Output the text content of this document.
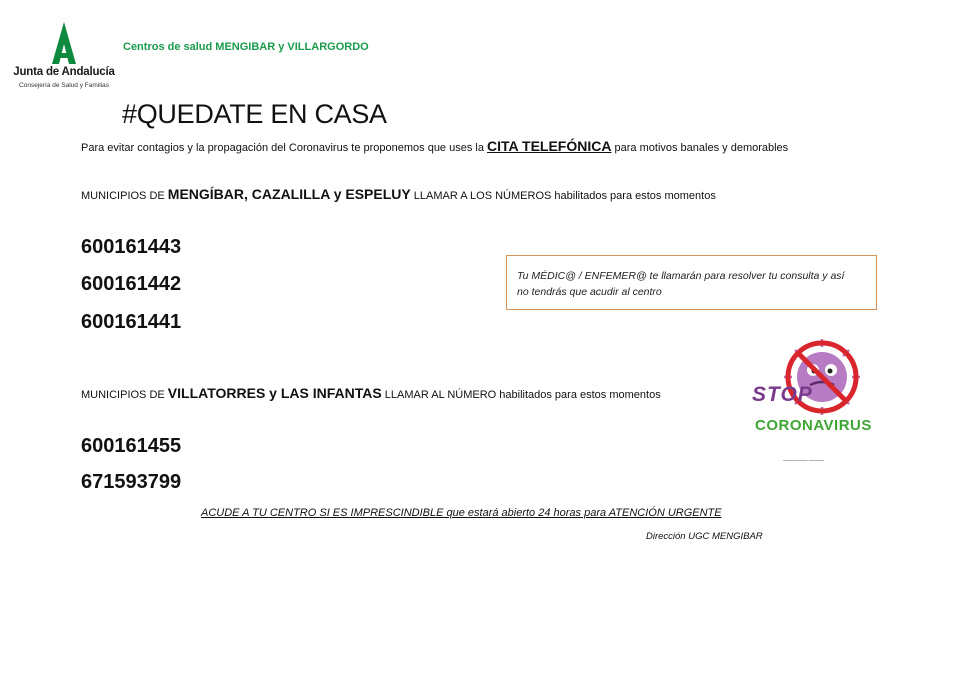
Junta de Andalucía
Consejería de Salud y Familias
Centros de salud MENGIBAR y VILLARGORDO
#QUEDATE EN CASA
Para evitar contagios y la propagación del Coronavirus te proponemos que uses la CITA TELEFÓNICA para motivos banales y demorables
MUNICIPIOS DE MENGÍBAR, CAZALILLA y ESPELUY LLAMAR A LOS NÚMEROS habilitados para estos momentos
600161443
600161442
600161441
Tu MÉDIC@ / ENFEMER@ te llamarán para resolver tu consulta y así
no tendrás que acudir al centro
MUNICIPIOS DE VILLATORRES y LAS INFANTAS LLAMAR AL NÚMERO habilitados para estos momentos
600161455
671593799
STOP
CORONAVIRUS
▁▁▁▁▁▁▁▁ ▁▁▁▁▁
ACUDE A TU CENTRO SI ES IMPRESCINDIBLE que estará abierto 24 horas para ATENCIÓN URGENTE
Dirección UGC MENGIBAR
